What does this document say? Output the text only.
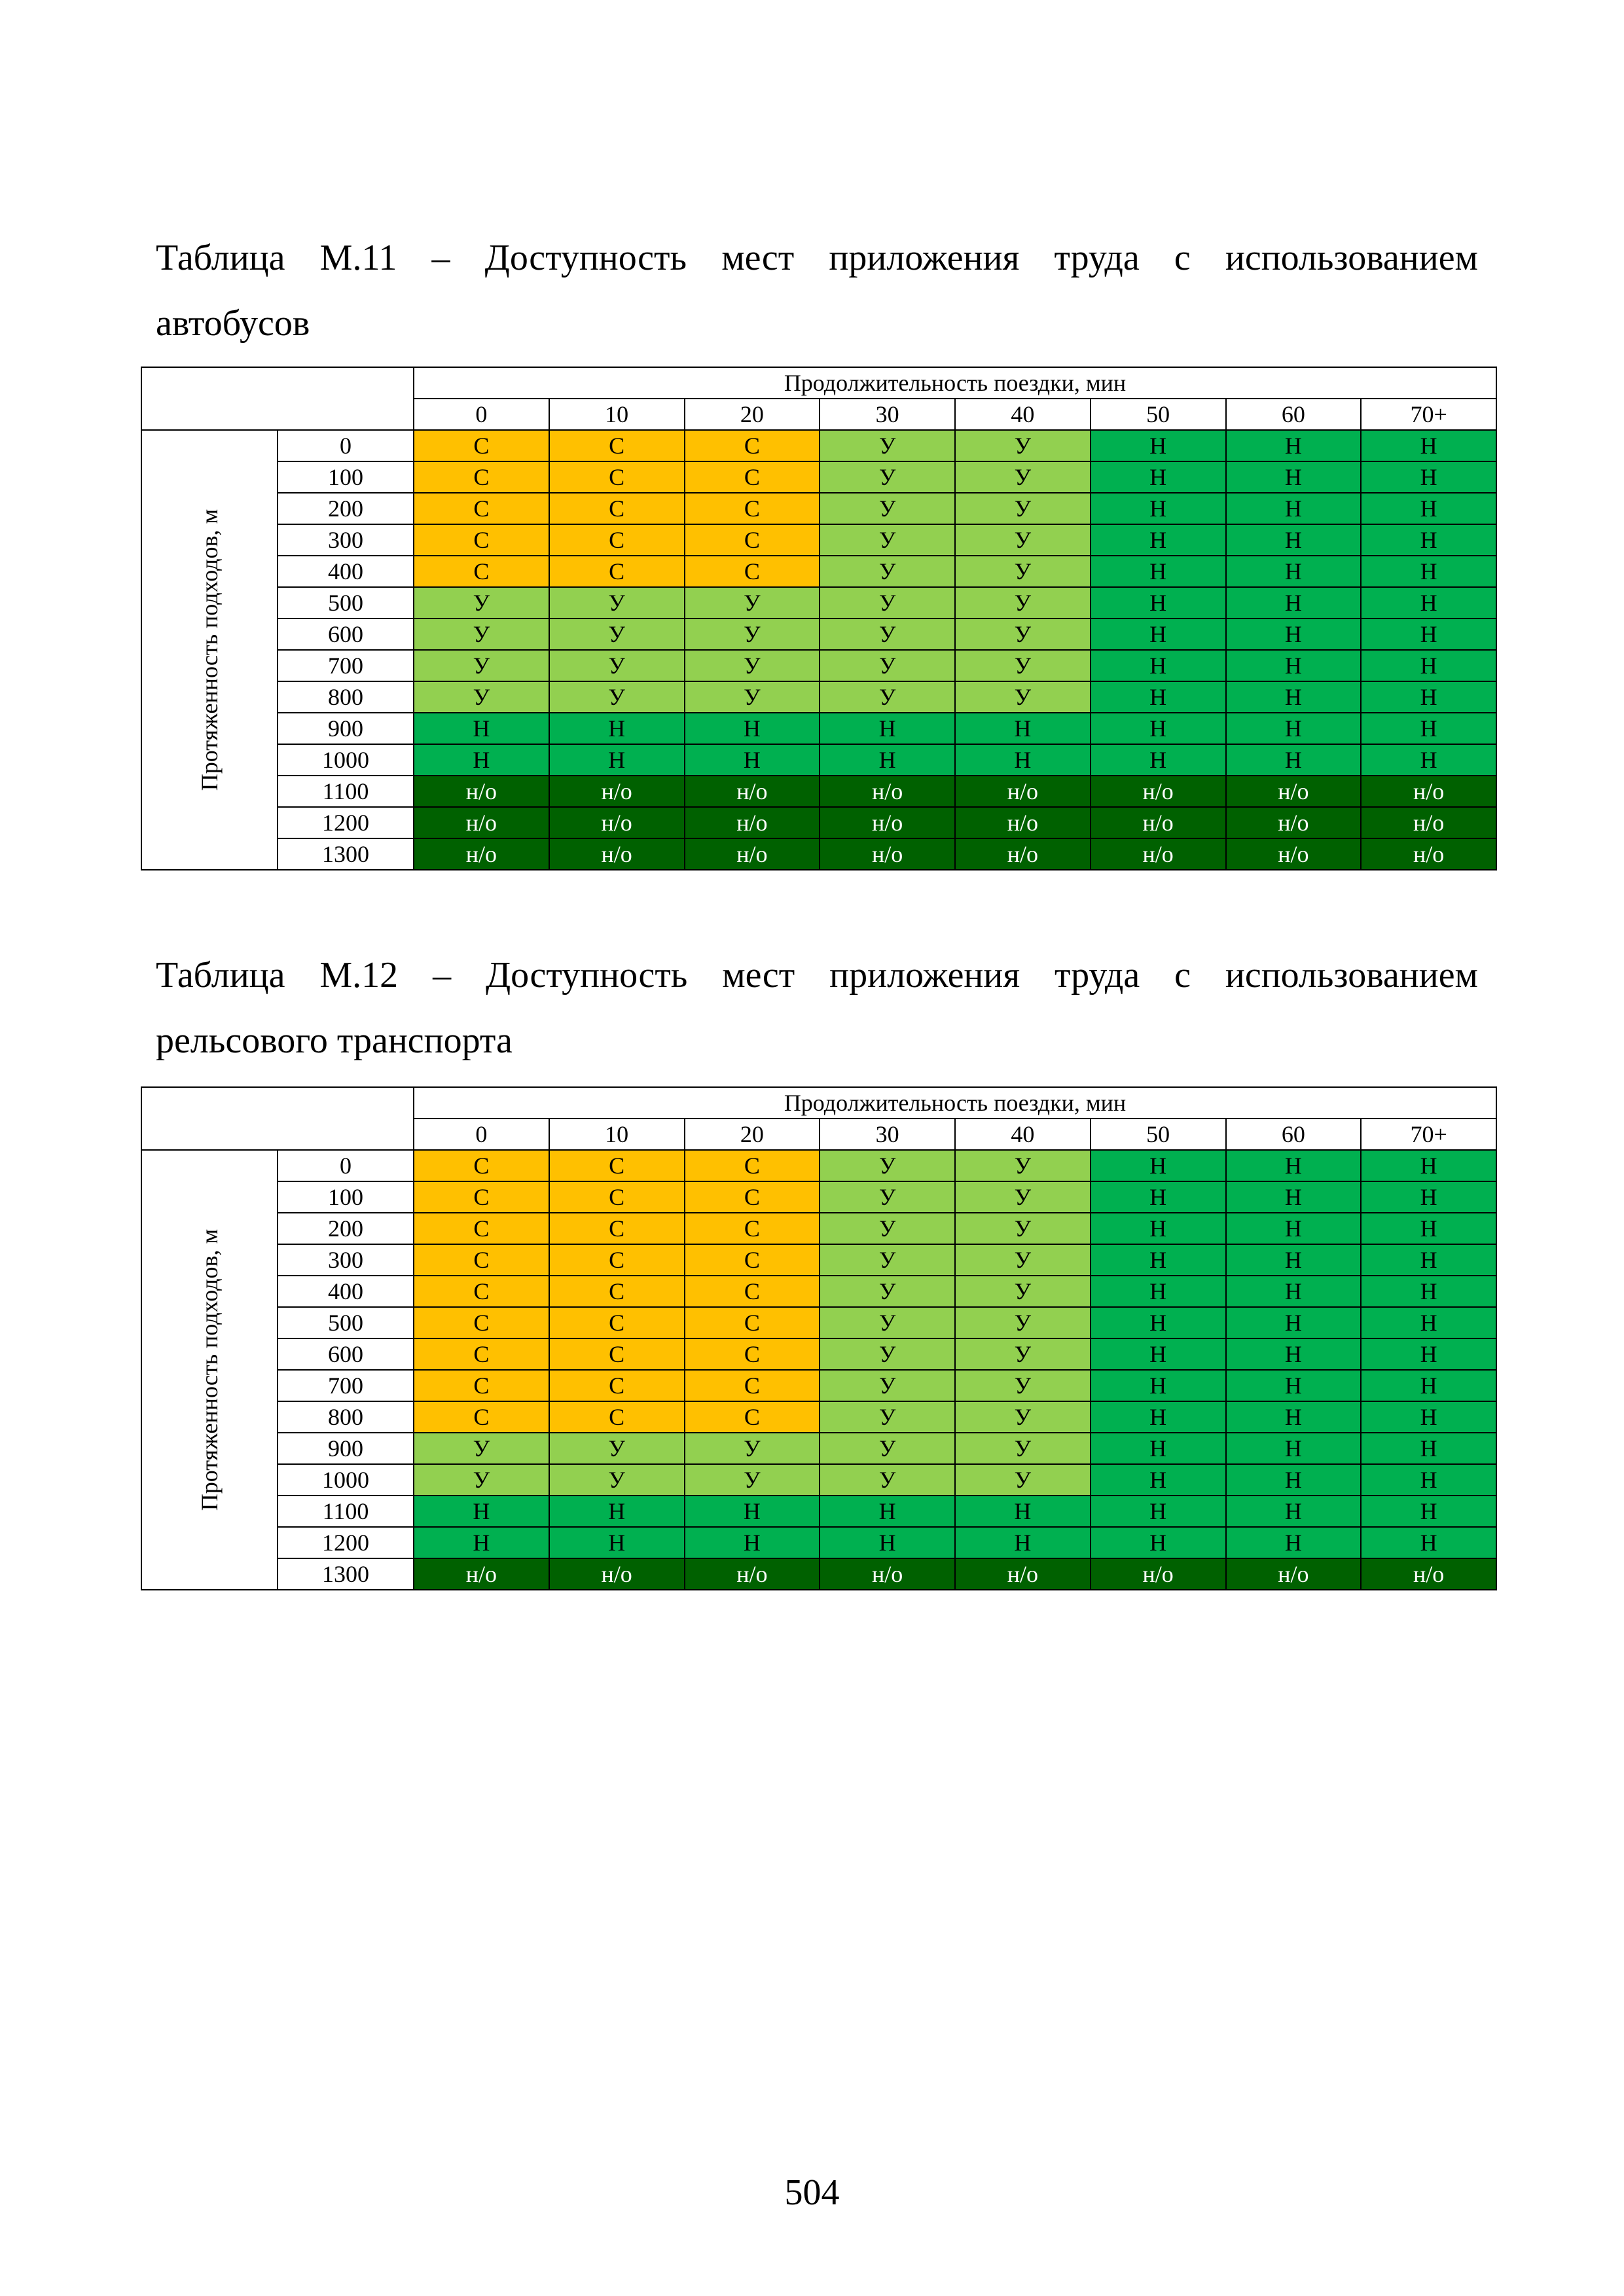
Таблица М.11 – Доступность мест приложения труда с использованием
автобусов
		Продолжительность поездки, мин							
		0	10	20	30	40	50	60	70+

Протяженность подходов, м	0	С	С	С	У	У	Н	Н	Н
	100	С	С	С	У	У	Н	Н	Н
	200	С	С	С	У	У	Н	Н	Н
	300	С	С	С	У	У	Н	Н	Н
	400	С	С	С	У	У	Н	Н	Н
	500	У	У	У	У	У	Н	Н	Н
	600	У	У	У	У	У	Н	Н	Н
	700	У	У	У	У	У	Н	Н	Н
	800	У	У	У	У	У	Н	Н	Н
	900	Н	Н	Н	Н	Н	Н	Н	Н
	1000	Н	Н	Н	Н	Н	Н	Н	Н
	1100	н/о	н/о	н/о	н/о	н/о	н/о	н/о	н/о
	1200	н/о	н/о	н/о	н/о	н/о	н/о	н/о	н/о
	1300	н/о	н/о	н/о	н/о	н/о	н/о	н/о	н/о
Таблица М.12 – Доступность мест приложения труда с использованием
рельсового транспорта
		Продолжительность поездки, мин							
		0	10	20	30	40	50	60	70+

Протяженность подходов, м	0	С	С	С	У	У	Н	Н	Н
	100	С	С	С	У	У	Н	Н	Н
	200	С	С	С	У	У	Н	Н	Н
	300	С	С	С	У	У	Н	Н	Н
	400	С	С	С	У	У	Н	Н	Н
	500	С	С	С	У	У	Н	Н	Н
	600	С	С	С	У	У	Н	Н	Н
	700	С	С	С	У	У	Н	Н	Н
	800	С	С	С	У	У	Н	Н	Н
	900	У	У	У	У	У	Н	Н	Н
	1000	У	У	У	У	У	Н	Н	Н
	1100	Н	Н	Н	Н	Н	Н	Н	Н
	1200	Н	Н	Н	Н	Н	Н	Н	Н
	1300	н/о	н/о	н/о	н/о	н/о	н/о	н/о	н/о
504
